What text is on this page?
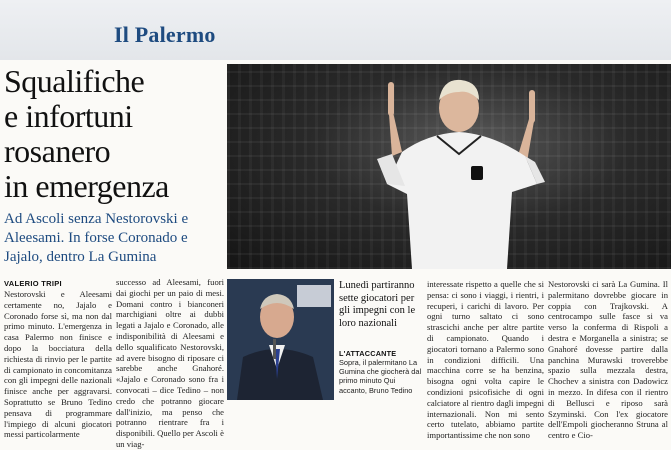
Il Palermo
Squalifiche
e infortuni
rosanero
in emergenza
Ad Ascoli senza Nestorovski e Aleesami. In forse Coronado e Jajalo, dentro La Gumina
VALERIO TRIPI

Nestorovski e Aleesami certamente no, Jajalo e Coronado forse sì, ma non dal primo minuto. L'emergenza in casa Palermo non finisce e dopo la bocciatura della richiesta di rinvio per le partite di campionato in concomitanza con gli impegni delle nazionali finisce anche per aggravarsi. Soprattutto se Bruno Tedino pensava di programmare l'impiego di alcuni giocatori messi particolarmente

successo ad Aleesami, fuori dai giochi per un paio di mesi. Domani contro i bianconeri marchigiani oltre ai dubbi legati a Jajalo e Coronado, alle indisponibilità di Aleesami e dello squalificato Nestorovski, ad avere bisogno di riposare ci sarebbe anche Gnahoré. «Jajalo e Coronado sono fra i convocati – dice Tedino – non credo che potranno giocare dall'inizio, ma penso che potranno rientrare fra i disponibili. Quello per Ascoli è un viag-

Lunedì partiranno sette giocatori per gli impegni con le loro nazionali
L'ATTACCANTE
Sopra, il palermitano La Gumina che giocherà dal primo minuto Qui accanto, Bruno Tedino

interessate rispetto a quelle che si pensa: ci sono i viaggi, i rientri, i recuperi, i carichi di lavoro. Per ogni turno saltato ci sono strascichi anche per altre partite di campionato. Quando i giocatori tornano a Palermo sono in condizioni difficili. Una macchina corre se ha benzina, bisogna ogni volta capire le condizioni psicofisiche di ogni calciatore al rientro dagli impegni internazionali. Non mi sento certo tutelato, abbiamo partite importantissime che non sono

Nestorovski ci sarà La Gumina. Il palermitano dovrebbe giocare in coppia con Trajkovski. A centrocampo sulle fasce si va verso la conferma di Rispoli a destra e Morganella a sinistra; se Gnahoré dovesse partire dalla panchina Murawski troverebbe spazio sulla mezzala destra, Chochev a sinistra con Dadowicz in mezzo. In difesa con il rientro di Bellusci e riposo sarà Szyminski. Con l'ex giocatore dell'Empoli giocheranno Struna al centro e Cio-
